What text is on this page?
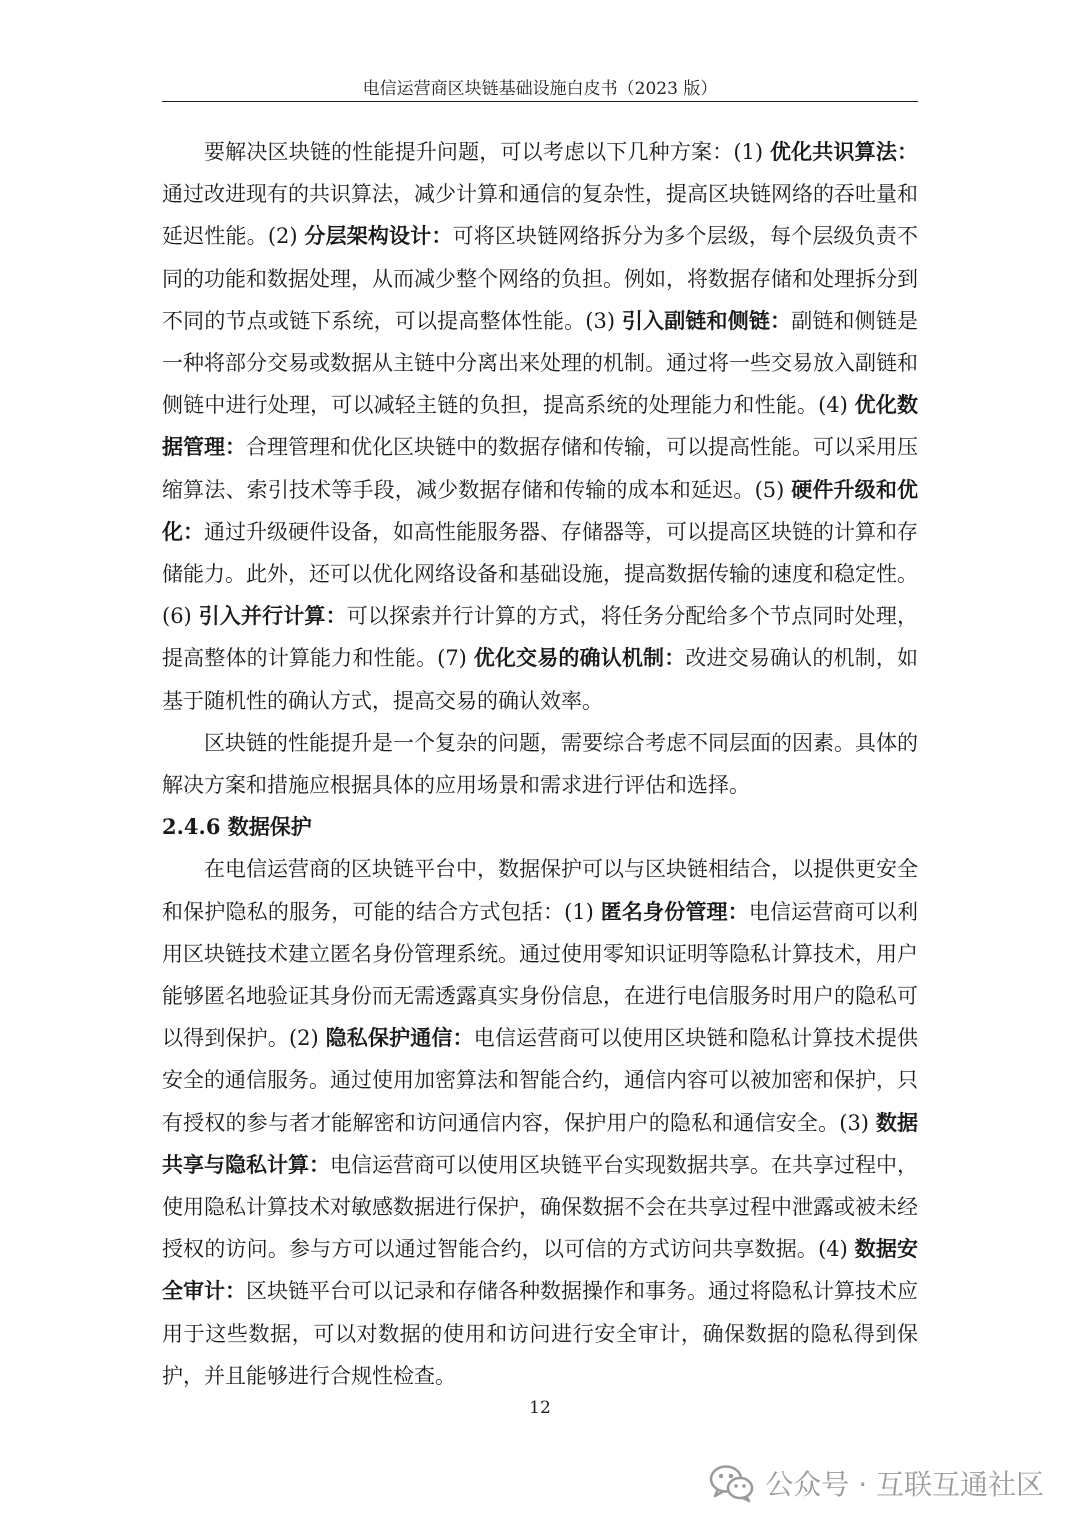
电信运营商区块链基础设施白皮书（2023 版）

要解决区块链的性能提升问题，可以考虑以下几种方案：(1) 优化共识算法：通过改进现有的共识算法，减少计算和通信的复杂性，提高区块链网络的吞吐量和延迟性能。(2) 分层架构设计：可将区块链网络拆分为多个层级，每个层级负责不同的功能和数据处理，从而减少整个网络的负担。例如，将数据存储和处理拆分到不同的节点或链下系统，可以提高整体性能。(3) 引入副链和侧链：副链和侧链是一种将部分交易或数据从主链中分离出来处理的机制。通过将一些交易放入副链和侧链中进行处理，可以减轻主链的负担，提高系统的处理能力和性能。(4) 优化数据管理：合理管理和优化区块链中的数据存储和传输，可以提高性能。可以采用压缩算法、索引技术等手段，减少数据存储和传输的成本和延迟。(5) 硬件升级和优化：通过升级硬件设备，如高性能服务器、存储器等，可以提高区块链的计算和存储能力。此外，还可以优化网络设备和基础设施，提高数据传输的速度和稳定性。(6) 引入并行计算：可以探索并行计算的方式，将任务分配给多个节点同时处理，提高整体的计算能力和性能。(7) 优化交易的确认机制：改进交易确认的机制，如基于随机性的确认方式，提高交易的确认效率。

区块链的性能提升是一个复杂的问题，需要综合考虑不同层面的因素。具体的解决方案和措施应根据具体的应用场景和需求进行评估和选择。

2.4.6 数据保护

在电信运营商的区块链平台中，数据保护可以与区块链相结合，以提供更安全和保护隐私的服务，可能的结合方式包括：(1) 匿名身份管理：电信运营商可以利用区块链技术建立匿名身份管理系统。通过使用零知识证明等隐私计算技术，用户能够匿名地验证其身份而无需透露真实身份信息，在进行电信服务时用户的隐私可以得到保护。(2) 隐私保护通信：电信运营商可以使用区块链和隐私计算技术提供安全的通信服务。通过使用加密算法和智能合约，通信内容可以被加密和保护，只有授权的参与者才能解密和访问通信内容，保护用户的隐私和通信安全。(3) 数据共享与隐私计算：电信运营商可以使用区块链平台实现数据共享。在共享过程中，使用隐私计算技术对敏感数据进行保护，确保数据不会在共享过程中泄露或被未经授权的访问。参与方可以通过智能合约，以可信的方式访问共享数据。(4) 数据安全审计：区块链平台可以记录和存储各种数据操作和事务。通过将隐私计算技术应用于这些数据，可以对数据的使用和访问进行安全审计，确保数据的隐私得到保护，并且能够进行合规性检查。

12
公众号 · 互联互通社区
